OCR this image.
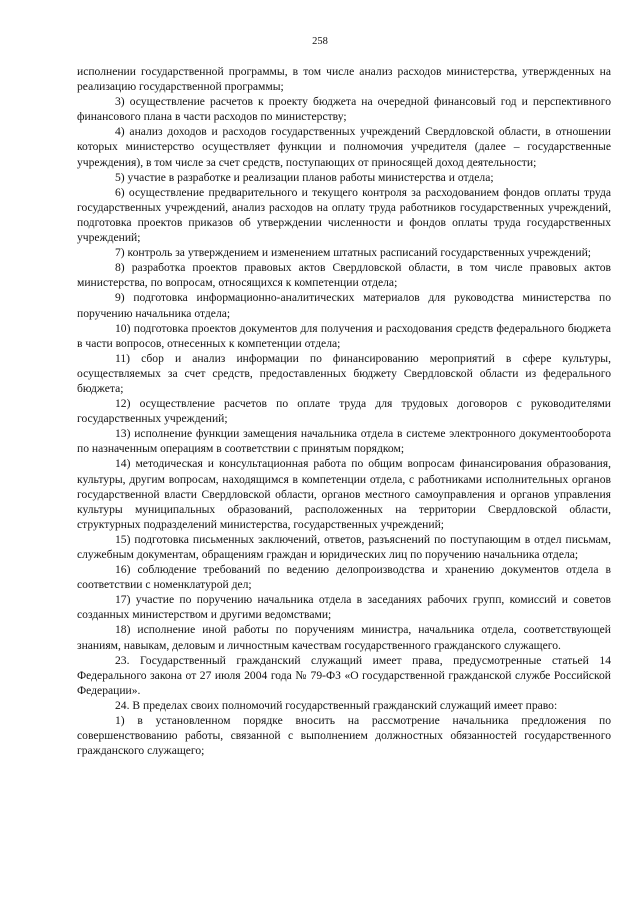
258

исполнении государственной программы, в том числе анализ расходов министерства, утвержденных на реализацию государственной программы;

3) осуществление расчетов к проекту бюджета на очередной финансовый год и перспективного финансового плана в части расходов по министерству;

4) анализ доходов и расходов государственных учреждений Свердловской области, в отношении которых министерство осуществляет функции и полномочия учредителя (далее – государственные учреждения), в том числе за счет средств, поступающих от приносящей доход деятельности;

5) участие в разработке и реализации планов работы министерства и отдела;

6) осуществление предварительного и текущего контроля за расходованием фондов оплаты труда государственных учреждений, анализ расходов на оплату труда работников государственных учреждений, подготовка проектов приказов об утверждении численности и фондов оплаты труда государственных учреждений;

7) контроль за утверждением и изменением штатных расписаний государственных учреждений;

8) разработка проектов правовых актов Свердловской области, в том числе правовых актов министерства, по вопросам, относящихся к компетенции отдела;

9) подготовка информационно-аналитических материалов для руководства министерства по поручению начальника отдела;

10) подготовка проектов документов для получения и расходования средств федерального бюджета в части вопросов, отнесенных к компетенции отдела;

11) сбор и анализ информации по финансированию мероприятий в сфере культуры, осуществляемых за счет средств, предоставленных бюджету Свердловской области из федерального бюджета;

12) осуществление расчетов по оплате труда для трудовых договоров с руководителями государственных учреждений;

13) исполнение функции замещения начальника отдела в системе электронного документооборота по назначенным операциям в соответствии с принятым порядком;

14) методическая и консультационная работа по общим вопросам финансирования образования, культуры, другим вопросам, находящимся в компетенции отдела, с работниками исполнительных органов государственной власти Свердловской области, органов местного самоуправления и органов управления культуры муниципальных образований, расположенных на территории Свердловской области, структурных подразделений министерства, государственных учреждений;

15) подготовка письменных заключений, ответов, разъяснений по поступающим в отдел письмам, служебным документам, обращениям граждан и юридических лиц по поручению начальника отдела;

16) соблюдение требований по ведению делопроизводства и хранению документов отдела в соответствии с номенклатурой дел;

17) участие по поручению начальника отдела в заседаниях рабочих групп, комиссий и советов созданных министерством и другими ведомствами;

18) исполнение иной работы по поручениям министра, начальника отдела, соответствующей знаниям, навыкам, деловым и личностным качествам государственного гражданского служащего.

23. Государственный гражданский служащий имеет права, предусмотренные статьей 14 Федерального закона от 27 июля 2004 года № 79-ФЗ «О государственной гражданской службе Российской Федерации».

24. В пределах своих полномочий государственный гражданский служащий имеет право:

1) в установленном порядке вносить на рассмотрение начальника предложения по совершенствованию работы, связанной с выполнением должностных обязанностей государственного гражданского служащего;
